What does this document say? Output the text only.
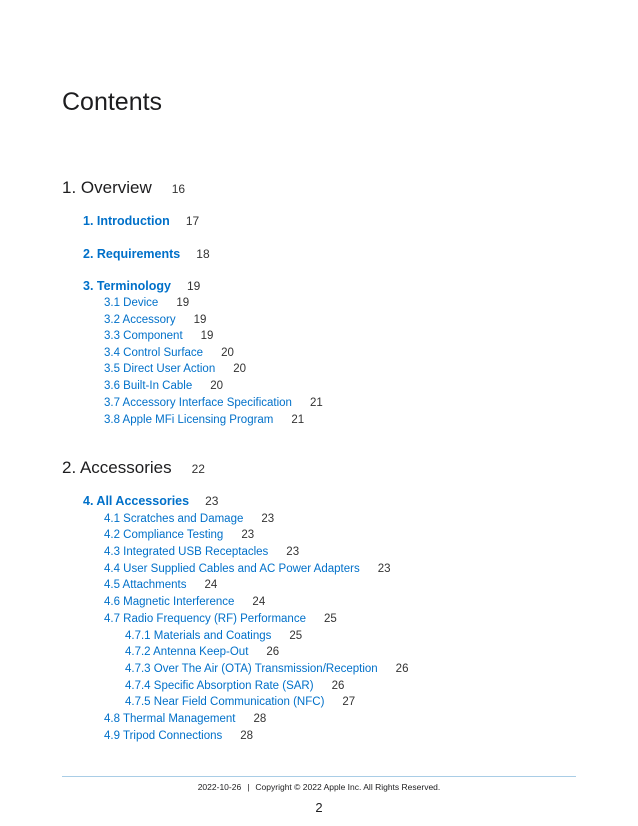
Contents
1. Overview 16
1. Introduction 17
2. Requirements 18
3. Terminology 19
3.1 Device 19
3.2 Accessory 19
3.3 Component 19
3.4 Control Surface 20
3.5 Direct User Action 20
3.6 Built-In Cable 20
3.7 Accessory Interface Specification 21
3.8 Apple MFi Licensing Program 21
2. Accessories 22
4. All Accessories 23
4.1 Scratches and Damage 23
4.2 Compliance Testing 23
4.3 Integrated USB Receptacles 23
4.4 User Supplied Cables and AC Power Adapters 23
4.5 Attachments 24
4.6 Magnetic Interference 24
4.7 Radio Frequency (RF) Performance 25
4.7.1 Materials and Coatings 25
4.7.2 Antenna Keep-Out 26
4.7.3 Over The Air (OTA) Transmission/Reception 26
4.7.4 Specific Absorption Rate (SAR) 26
4.7.5 Near Field Communication (NFC) 27
4.8 Thermal Management 28
4.9 Tripod Connections 28
2022-10-26 | Copyright © 2022 Apple Inc. All Rights Reserved.
2
